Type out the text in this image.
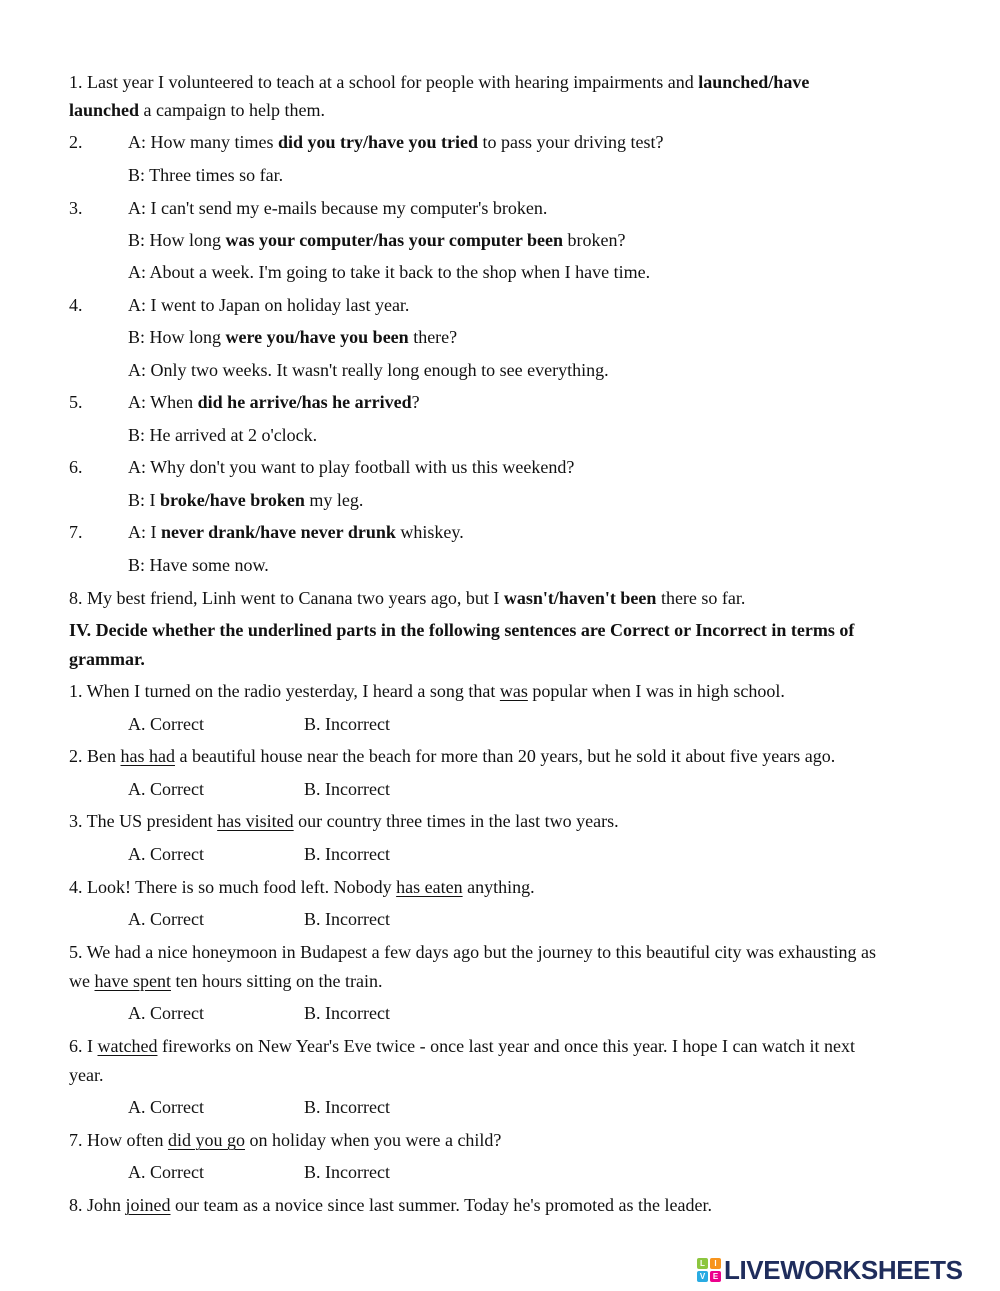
1. Last year I volunteered to teach at a school for people with hearing impairments and launched/have
launched a campaign to help them.
2.	A: How many times did you try/have you tried to pass your driving test?
B: Three times so far.
3.	A: I can't send my e-mails because my computer's broken.
B: How long was your computer/has your computer been broken?
A: About a week. I'm going to take it back to the shop when I have time.
4.	A: I went to Japan on holiday last year.
B: How long were you/have you been there?
A: Only two weeks. It wasn't really long enough to see everything.
5.	A: When did he arrive/has he arrived?
B: He arrived at 2 o'clock.
6.	A: Why don't you want to play football with us this weekend?
B: I broke/have broken my leg.
7.	A: I never drank/have never drunk whiskey.
B: Have some now.
8. My best friend, Linh went to Canana two years ago, but I wasn't/haven't been there so far.
IV. Decide whether the underlined parts in the following sentences are Correct or Incorrect in terms of
grammar.
1. When I turned on the radio yesterday, I heard a song that was popular when I was in high school.
A. Correct	B. Incorrect
2. Ben has had a beautiful house near the beach for more than 20 years, but he sold it about five years ago.
A. Correct	B. Incorrect
3. The US president has visited our country three times in the last two years.
A. Correct	B. Incorrect
4. Look! There is so much food left. Nobody has eaten anything.
A. Correct	B. Incorrect
5. We had a nice honeymoon in Budapest a few days ago but the journey to this beautiful city was exhausting as
we have spent ten hours sitting on the train.
A. Correct	B. Incorrect
6. I watched fireworks on New Year's Eve twice - once last year and once this year. I hope I can watch it next
year.
A. Correct	B. Incorrect
7. How often did you go on holiday when you were a child?
A. Correct	B. Incorrect
8. John joined our team as a novice since last summer. Today he's promoted as the leader.
L	I
V E LIVEWORKSHEETS
